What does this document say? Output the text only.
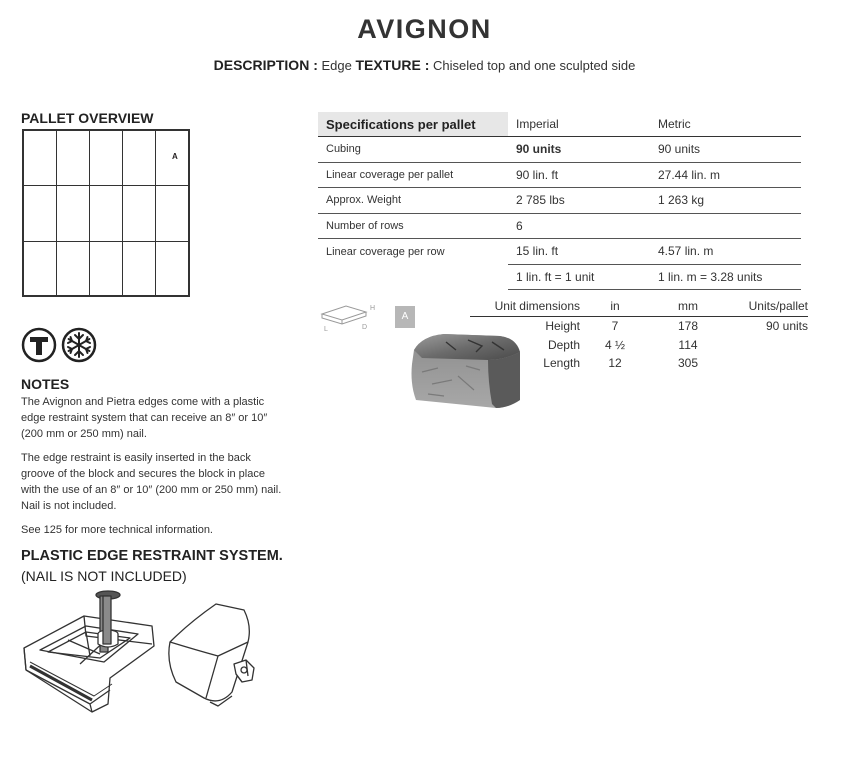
AVIGNON
DESCRIPTION : Edge TEXTURE : Chiseled top and one sculpted side
PALLET OVERVIEW
A
NOTES
The Avignon and Pietra edges come with a plastic edge restraint system that can receive an 8″ or 10″ (200 mm or 250 mm) nail.
The edge restraint is easily inserted in the back groove of the block and secures the block in place with the use of an 8″ or 10″ (200 mm or 250 mm) nail. Nail is not included.
See 125 for more technical information.
PLASTIC EDGE RESTRAINT SYSTEM.
(NAIL IS NOT INCLUDED)
Specifications per pallet	Imperial	Metric
Cubing	90 units	90 units
Linear coverage per pallet	90 lin. ft	27.44 lin. m
Approx. Weight	2 785 lbs	1 263 kg
Number of rows	6	
Linear coverage per row	15 lin. ft	4.57 lin. m
	1 lin. ft = 1 unit	1 lin. m = 3.28 units
H
L	D
A
Unit dimensions	in	mm	Units/pallet
Height	7	178	90 units
Depth	4 ½	114	
Length	12	305	
